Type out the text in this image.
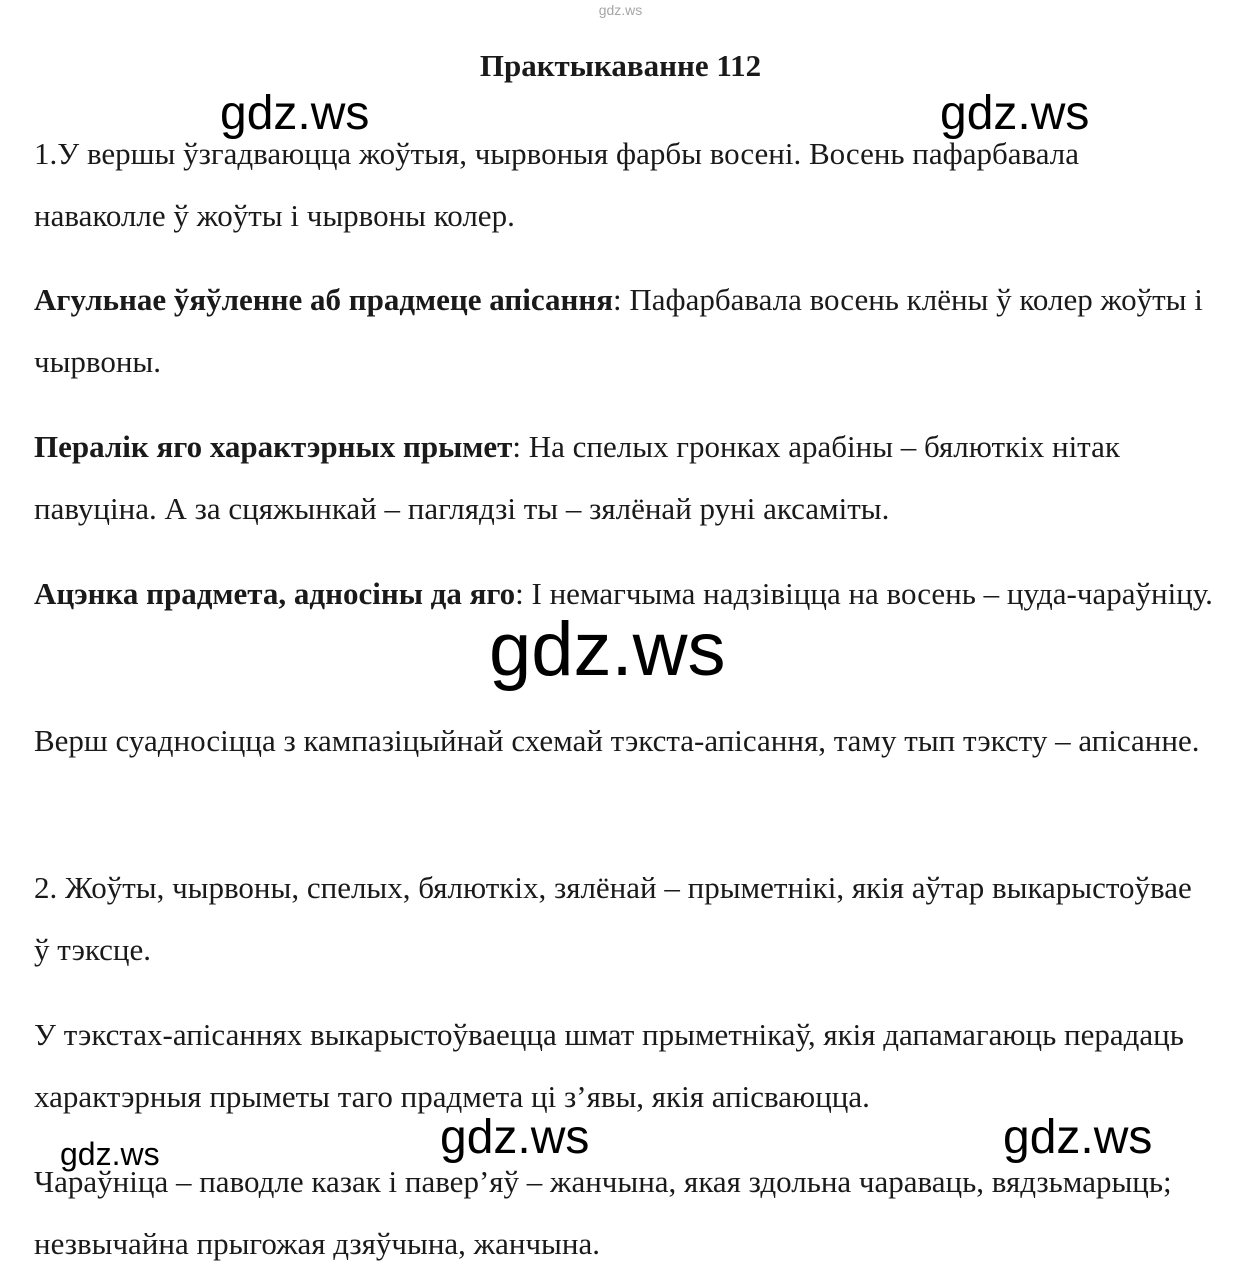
gdz.ws
Практыкаванне 112

1.У вершы ўзгадваюцца жоўтыя, чырвоныя фарбы восені. Восень пафарбавала наваколле ў жоўты і чырвоны колер.

Агульнае ўяўленне аб прадмеце апісання: Пафарбавала восень клёны ў колер жоўты і чырвоны.

Пералік яго характэрных прымет: На спелых гронках арабіны – бялюткіх нітак павуціна. А за сцяжынкай – паглядзі ты – зялёнай руні аксаміты.

Ацэнка прадмета, адносіны да яго: І немагчыма надзівіцца на восень – цуда-чараўніцу.

Верш суадносіцца з кампазіцыйнай схемай тэкста-апісання, таму тып тэксту – апісанне.

2. Жоўты, чырвоны, спелых, бялюткіх, зялёнай – прыметнікі, якія аўтар выкарыстоўвае ў тэксце.

У тэкстах-апісаннях выкарыстоўваецца шмат прыметнікаў, якія дапамагаюць перадаць характэрныя прыметы таго прадмета ці з’явы, якія апісваюцца.

Чараўніца – паводле казак і павер’яў – жанчына, якая здольна чараваць, вядзьмарыць; незвычайна прыгожая дзяўчына, жанчына.

gdz.ws	gdz.ws
gdz.ws
gdz.ws	gdz.ws	gdz.ws
